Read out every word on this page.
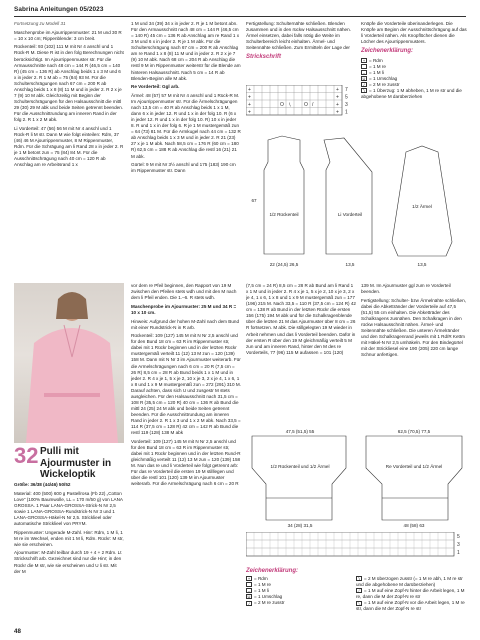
Sabrina Anleitungen 05/2023

Fortsetzung zu Modell 31

Maschenprobe im Ajourrippenmuster: 21 M und 30 R = 10 x 10 cm; Rippenblende: 3 cm breit.

Rückenteil: 93 (102) 111 M mit Nr 4 anschl und 1 Rück-R M. Diese R ist in den folg Berechnungen nicht berücksichtigt. Im Ajourrippenmuster str. Für die Armausschnitte nach 48 cm = 144 R (46,5 cm = 140 R) (45 cm = 136 R) ab Anschlag beids 1 x 3 M und 6 x in jeder 2. R 1 M ab = 75 (84) 93 M. Für die Schulterschrägungen nach 67 cm = 200 R ab Anschlag beids 1 x 8 (8) 11 M und in jeder 2. R 2 x je 7 (9) 10 M abk. Gleichzeitig mit Beginn der Schulterschrägungen für den Halsausschnitt die mittl 29 (30) 29 M abk und beide Seiten getrennt beenden. Für die Ausschnittrundung am inneren Rand in der folg 2. R 1 x 2 M abk.

Li Vorderteil: 47 (56) 56 M mit Nr 4 anschl und 1 Rück-R li M str. Dann M wie folgt einteilen: Rdm, 37 (46) 46 M Ajourrippenmuster, 8 M Rippenmuster, Rdm. Für die Schrägung am li Rand 28 x in jeder 2. R je 1 M betont zun = 75 (84) 84 M. Für die Ausschnittschrägung nach 40 cm = 120 R ab Anschlag am re Arbeitsrand 1 x

1 M und 34 (39) 34 x in jeder 2. R je 1 M betont abn. Für den Armausschnitt nach 48 cm = 144 R (46,5 cm = 140 R) 45 cm = 136 R ab Anschlag am re Rand 1 x 3 M und 6 x in jeder 2. R je 1 M abk. Für die Schulterschrägung nach 67 cm = 200 R ab Anschlag am re Rand 1 x 8 (8) 11 M und in jeder 2. R 2 x je 7 (9) 10 M abk. Nach 68 cm = 204 R ab Anschlag die restl 9 M im Rippenmuster weiterstr für die Blende am hinteren Halsausschnitt. Nach 5 cm = 14 R ab Blenden-Beginn alle M abk.

Re Vorderteil: Ggl arb.

Ärmel: 48 (57) 57 M mit Nr 4 anschl und 1 Rück-R M. Im Ajourrippenmuster str. Für die Ärmelschrägungen nach 13,5 cm = 40 R ab Anschlag beids 1 x 1 M, dann 6 x in jeder 12. R und 1 x in der folg 10. R (6 x in jeder 12. R und 1 x in der folg 10. R) 10 x in jeder 8. R und 1 x in der folg 6. R je 1 M mustergemäß zun = 64 (73) 81 M. Für die Armkugel nach 44 cm = 132 R ab Anschlag beids 1 x 3 M und in jeder 2. R 21 (23) 27 x je 1 M abk. Nach 58,5 cm = 176 R (60 cm = 180 R) 62,5 cm = 188 R ab Anschlag die restl 16 (21) 21 M abk.

Gürtel: 9 M mit Nr 3½ anschl und 175 (183) 190 cm im Rippenmuster str. Dann

Fertigstellung: Schulternähte schließen. Blenden zusammen und in den rückw Halsausschnitt nähen. Ärmel einsetzen, dabei falls nötig die Weite im Schulterbereich leicht einhalten. Ärmel- und Seitennähte schließen. Zum Ermitteln der Lage der

Strickschrift
+	+
+	+
+	+
+	+
O	O
∖	/
7
5
3
1

Knöpfe die Vorderteile überinanderlegen. Die Knöpfe am Beginn der Ausschnittschrägung auf das li Vorderteil nähen. Als Knopflöcher dienen die Löcher des Ajourrippenmusters.

Zeichenerklärung:
+ = Rdm
= 1 M re
– = 1 M li
U = 1 Umschlag
/ = 2 M re zusstr
∖ = 1 Überzug: 1 M abheben, 1 M re str und die abgehobene M darüberziehen
1/2 Rückenteil	Li Vorderteil
1/2 Ärmel
67
22 (24,5) 26,5	13,5	13,5
32 Pulli mit Ajourmuster in Wickeloptik

Größe: 36/38 (44/46) 50/52

Material: 400 (500) 600 g Pastellrosa (Fb 22) „Cotton Love“ (100% Baumwolle, LL = 170 m/50 g) von LANA GROSSA. 1 Paar LANA-GROSSA-Strick-N Nr 2,5 sowie 1 LANA-GROSSA-Rundstrick-N Nr 3 und 1 LANA-GROSSA-Häkel-N Nr 2,5. Stricklieel oder automatische Stricklieel von PRYM.

Rippenmuster: Ungerade M-Zahl. Hinr: Rdm, 1 M li, 1 M re im Wechsel, enden mit 1 M li, Rdm. Rückr: M str, wie sie erscheinen.

Ajourmuster: M-Zahl teilbar durch 19 + 4 + 2 Rdm. Lt Strickschrift arb. Gezeichnet sind nur die Hinr; in den Rückr die M str, wie sie erscheinen und U li str. Mit der M

vor dem re Pfeil beginnen, den Rapport von 19 M zwischen den Pfeilen stets wdh und mit den M nach dem li Pfeil enden. Die 1.–6. R stets wdh.

Maschenprobe im Ajourmuster: 25 M und 34 R = 10 x 10 cm.

Hinweis: Aufgrund der hohen M-Zahl nach dem Bund mit einer Rundstrick-N in R arb.

Rückenteil: 109 (127) 145 M mit N Nr 2,5 anschl und für den Bund 18 cm = 63 R im Rippenmuster str, dabei mit 1 Rückr beginnen und in der letzten Rückr mustergemäß verteilt 11 (12) 13 M zun = 120 (139) 158 M. Dann mit N Nr 3 im Ajourmuster weiterarb. Für die Armelschrägungen nach 6 cm = 20 R (7,5 cm = 26 R) 8,5 cm = 28 R ab Bund beids 1 x 1 M und in jeder 2. R 4 x je 1, 5 x je 2, 10 x je 3, 2 x je 4, 1 x 6, 1 x 8 und 1 x 9 M mustergemäß zun = 272 (291) 310 M. Darauf achten, dass sich U und zusgestr M stets ausgleichen. Für den Halsausschnitt nach 31,5 cm = 108 R (35,5 cm = 120 R) 40 cm = 136 R ab Bund die mittl 24 (25) 24 M abk und beide Seiten getrennt beenden. Für die Ausschnittrundung am inneren Rand in jeder 2. R 1 x 3 und 1 x 2 M abk. Nach 33,5 = 114 R (37,5 cm = 128 R) 42 cm = 142 R ab Bund die restl 119 (128) 138 M abk

Vorderteil: 109 (127) 145 M mit N Nr 2,5 anschl und für den Bund 18 cm = 63 R im Rippenmuster str, dabei mit 1 Rückr beginnen und in der letzten Rund-R gleichmäßig verteilt 11 (12) 13 M zun = 120 (139) 158 M. Nun das re und li Vorderteil wie folgt getrennt arb: Für das re Vorderteil die ersten 19 M stilllegen und über die restl 101 (120) 139 M im Ajourmuster weiterarb. Für die Armelschrägung nach 6 cm = 20 R

(7,5 cm = 24 R) 8,5 cm = 28 R ab Bund am li Rand 1 x 1 M und in jeder 2. R 4 x je 1, 5 x je 2, 10 x je 3, 2 x je 4, 1 x 6, 1 x 8 und 1 x 9 M mustergemäß zun = 177 (196) 215 M. Nach 33,5 = 110 R (37,5 cm = 124 R) 42 cm = 138 R ab Bund in der letzten Rückr die ersten 156 (175) 194 M abk und für die Schalkragenblende über die letzten 21 M das Ajourmuster über 8 cm = 26 R fortsetzen. M abk. Die stillgelegten 19 M wieder in Arbeit nehmen und das li Vorderteil beenden. Dafür in der ersten R über den 19 M gleichmäßig verteilt 5 M zun und am inneren Rand, hinter den M des re Vorderteils, 77 (96) 115 M aufassen = 101 (120)

139 M. Im Ajourmuster ggl zum re Vorderteil beenden.

Fertigstellung: Schulter- bzw Ärmelnähte schließen, dabei die Abkettränder der Vorderteile auf 47,5 (51,5) 55 cm einhalten. Die Abketträder des Schalkragens zusnähen. Den Schalkragen in den rückw Halsausschnitt nähen. Ärmel- und Seitennähte schließen. Die unteren Ärmelränder und den Schalkragenrand jeweils mit 1 Rd/R Kettm mit Häkel-N Nr 2,5 umhäkeln. Für den Bindegürtel mit der Strickliesel eine 190 (205) 220 cm lange Schnur anfertigen.

47,5 (51,5) 55	62,5 (70,5) 77,5
1/2 Rückenteil und 1/2 Ärmel	Re Vorderteil und 1/2 Ärmel
34 (28) 31,5	48 (58) 63
5
3
1
Zeichenerklärung:
+ = Rdm
= 1 M re
– = 1 M li
U = 1 Umschlag
/ = 2 M re zusstr
∖ = 2 M überzogen zusstr (= 1 M re abh, 1 M re str und die abgehobene M darüberziehen)
⟋ = 1 M auf eine Zopf-N hinter die Arbeit legen, 1 M re, dann die M der Zopf-N re str
⟍ = 1 M auf eine Zopf-N vor die Arbeit legen, 1 M re str, dann die M der Zopf-N re str
48
